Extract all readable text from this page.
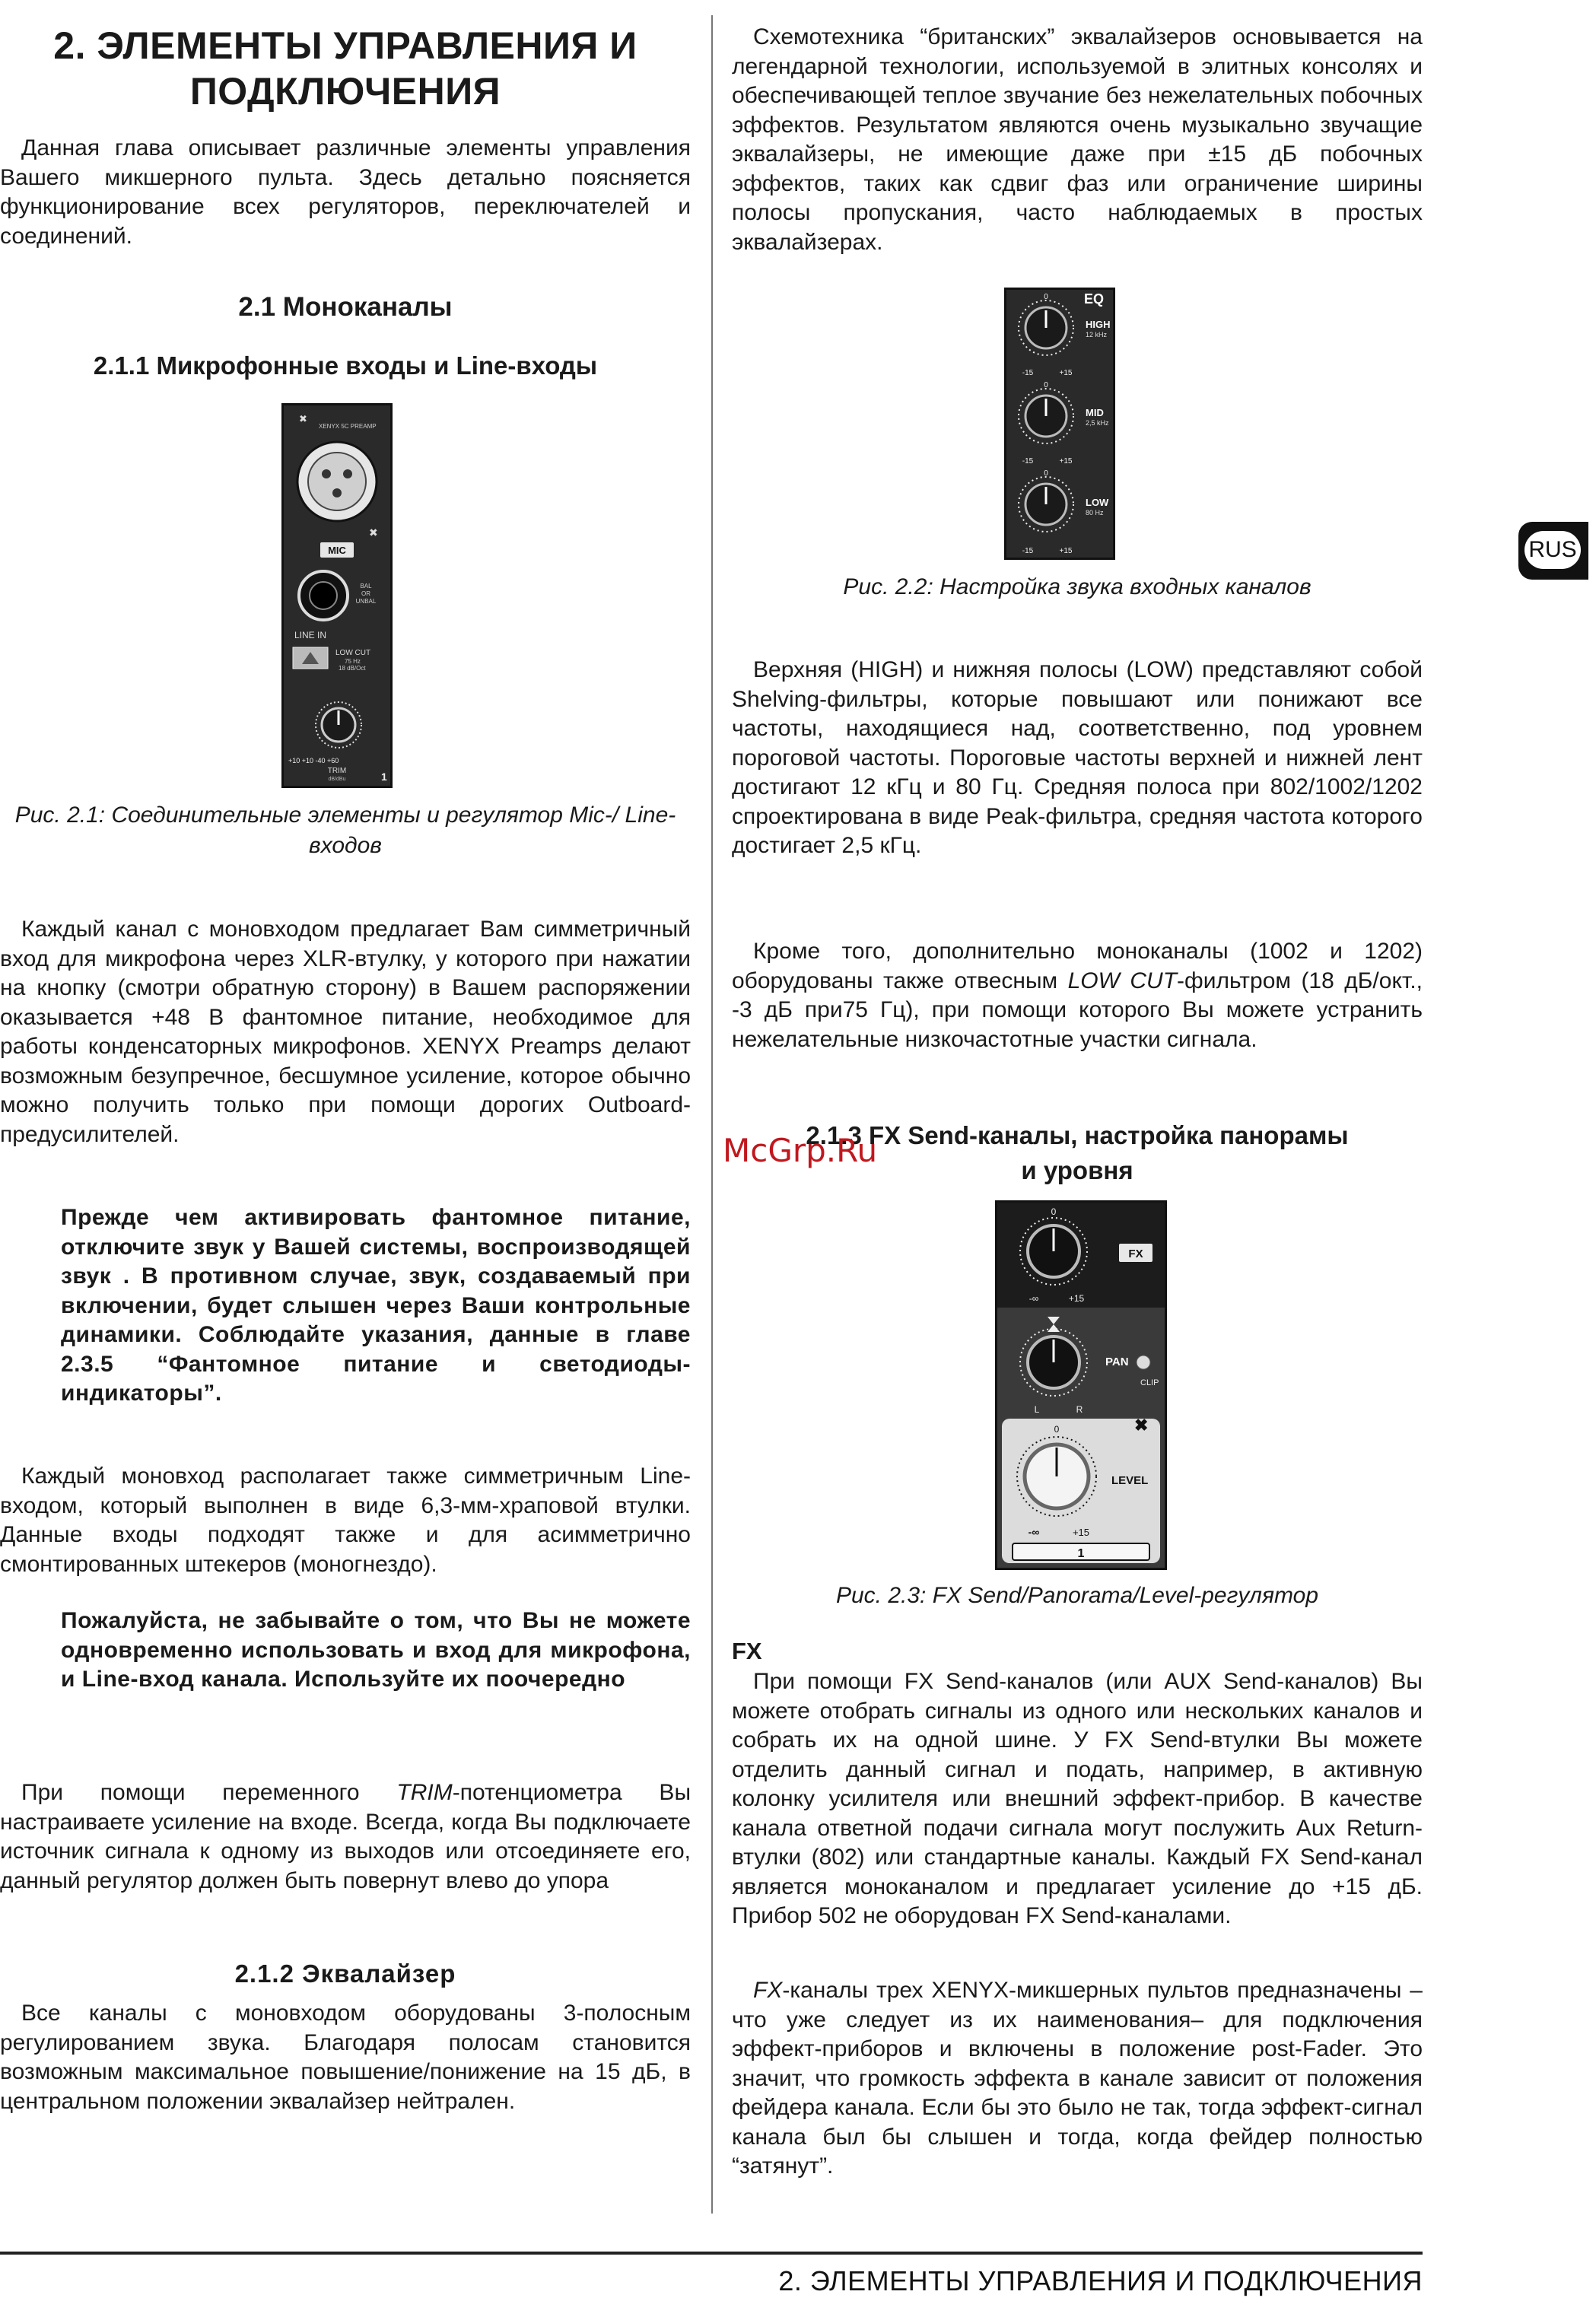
2. ЭЛЕМЕНТЫ УПРАВЛЕНИЯ И ПОДКЛЮЧЕНИЯ
RUS
2. ЭЛЕМЕНТЫ УПРАВЛЕНИЯ И
ПОДКЛЮЧЕНИЯ

Данная глава описывает различные элементы управления Вашего микшерного пульта. Здесь детально поясняется функционирование всех регуляторов, переключателей и соединений.

2.1 Моноканалы
2.1.1 Микрофонные входы и Line-входы
✖
XENYX 5C PREAMP
✖
MIC
BAL
OR
UNBAL
LINE IN
LOW CUT
75 Hz
18 dB/Oct
+10 +10 -40 +60
TRIM
dB/dBu	1

Рис. 2.1: Соединительные элементы и регулятор Mic-/ Line-входов

Каждый канал с моновходом предлагает Вам симметричный вход для микрофона через XLR-втулку, у которого при нажатии на кнопку (смотри обратную сторону) в Вашем распоряжении оказывается +48 В фантомное питание, необходимое для работы конденсаторных микрофонов. XENYX Preamps делают возможным безупречное, бесшумное усиление, которое обычно можно получить только при помощи дорогих Outboard-предусилителей.

Прежде чем активировать фантомное питание, отключите звук у Вашей системы, воспроизводящей звук . В противном случае, звук, создаваемый при включении, будет слышен через Ваши контрольные динамики. Соблюдайте указания, данные в главе 2.3.5 “Фантомное питание и светодиоды-индикаторы”.

Каждый моновход располагает также симметричным Line-входом, который выполнен в виде 6,3-мм-храповой втулки. Данные входы подходят также и для асимметрично смонтированных штекеров (моногнездо).

Пожалуйста, не забывайте о том, что Вы не можете одновременно использовать и вход для микрофона, и Line-вход канала. Используйте их поочередно

При помощи переменного TRIM-потенциометра Вы настраиваете усиление на входе. Всегда, когда Вы подключаете источник сигнала к одному из выходов или отсоединяете его, данный регулятор должен быть повернут влево до упора

2.1.2 Эквалайзер

Все каналы с моновходом оборудованы 3-полосным регулированием звука. Благодаря полосам становится возможным максимальное повышение/понижение на 15 дБ, в центральном положении эквалайзер нейтрален.

Схемотехника “британских” эквалайзеров основывается на легендарной технологии, используемой в элитных консолях и обеспечивающей теплое звучание без нежелательных побочных эффектов. Результатом являются очень музыкально звучащие эквалайзеры, не имеющие даже при ±15 дБ побочных эффектов, таких как сдвиг фаз или ограничение ширины полосы пропускания, часто наблюдаемых в простых эквалайзерах.

EQ
0
HIGH
12 kHz
-15	+15
0
MID
2,5 kHz
-15	+15
0
LOW
80 Hz
-15	+15

Рис. 2.2: Настройка звука входных каналов

Верхняя (HIGH) и нижняя полосы (LOW) представляют собой Shelving-фильтры, которые повышают или понижают все частоты, находящиеся над, соответственно, под уровнем пороговой частоты. Пороговые частоты верхней и нижней лент достигают 12 кГц и 80 Гц. Средняя полоса при 802/1002/1202 спроектирована в виде Peak-фильтра, средняя частота которого достигает 2,5 кГц.

Кроме того, дополнительно моноканалы (1002 и 1202) оборудованы также отвесным LOW CUT-фильтром (18 дБ/окт., -3 дБ при75 Гц), при помощи которого Вы можете устранить нежелательные низкочастотные участки сигнала.

2.1.3 FX Send-каналы, настройка панорамы
и уровня
0
FX
-∞	+15
PAN
CLIP
L	R
✖
0
LEVEL
-∞	+15
1

Рис. 2.3: FX Send/Panorama/Level-регулятор

FX

При помощи FX Send-каналов (или AUX Send-каналов) Вы можете отобрать сигналы из одного или нескольких каналов и собрать их на одной шине. У FX Send-втулки Вы можете отделить данный сигнал и подать, например, в активную колонку усилителя или внешний эффект-прибор. В качестве канала ответной подачи сигнала могут послужить Aux Return-втулки (802) или стандартные каналы. Каждый FX Send-канал является моноканалом и предлагает усиление до +15 дБ. Прибор 502 не оборудован FX Send-каналами.

FX-каналы трех XENYX-микшерных пультов предназначены – что уже следует из их наименования– для подключения эффект-приборов и включены в положение post-Fader. Это значит, что громкость эффекта в канале зависит от положения фейдера канала. Если бы это было не так, тогда эффект-сигнал канала был бы слышен и тогда, когда фейдер полностью “затянут”.

McGrp.Ru
